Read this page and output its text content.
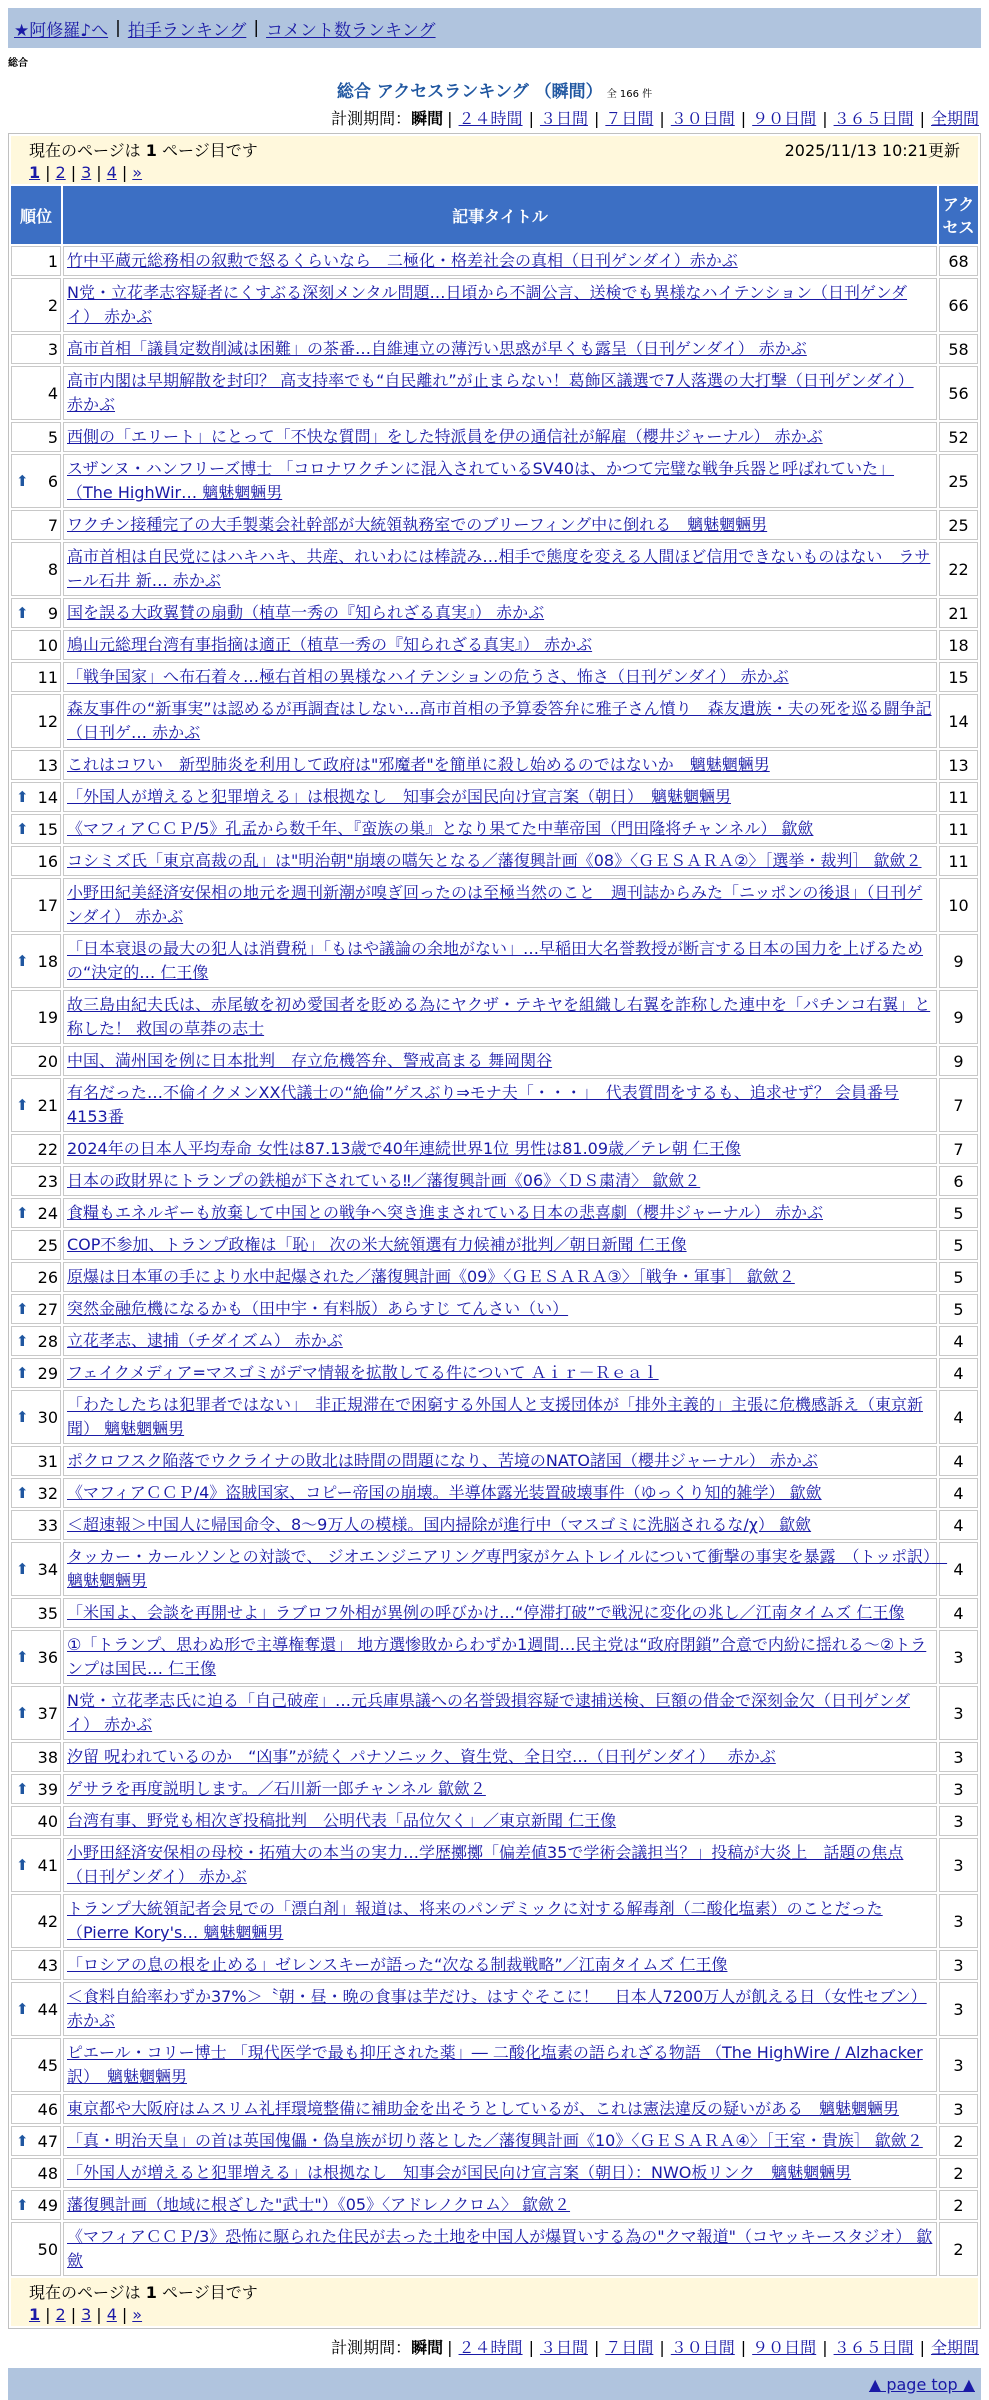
★阿修羅♪へ | 拍手ランキング | コメント数ランキング
総合
総合 アクセスランキング （瞬間） 全 166 件
計測期間：瞬間 | ２４時間 | ３日間 | ７日間 | ３０日間 | ９０日間 | ３６５日間 | 全期間
現在のページは 1 ページ目です 2025/11/13 10:21更新
1 | 2 | 3 | 4 | »		

順位	記事タイトル	アクセス
1	竹中平蔵元総務相の叙勲で怒るくらいなら　二極化・格差社会の真相（日刊ゲンダイ）赤かぶ	68
2	N党・立花孝志容疑者にくすぶる深刻メンタル問題…日頃から不調公言、送検でも異様なハイテンション（日刊ゲンダイ） 赤かぶ	66
3	高市首相「議員定数削減は困難」の茶番…自維連立の薄汚い思惑が早くも露呈（日刊ゲンダイ） 赤かぶ	58
4	高市内閣は早期解散を封印？ 高支持率でも“自民離れ”が止まらない！葛飾区議選で7人落選の大打撃（日刊ゲンダイ） 赤かぶ	56
5	西側の「エリート」にとって「不快な質問」をした特派員を伊の通信社が解雇（櫻井ジャーナル） 赤かぶ	52

⬆ 6	スザンヌ・ハンフリーズ博士 「コロナワクチンに混入されているSV40は、かつて完璧な戦争兵器と呼ばれていた」 （The HighWir… 魑魅魍魎男	25
7	ワクチン接種完了の大手製薬会社幹部が大統領執務室でのブリーフィング中に倒れる　魑魅魍魎男	25
8	高市首相は自民党にはハキハキ、共産、れいわには棒読み…相手で態度を変える人間ほど信用できないものはない　ラサール石井 新… 赤かぶ	22

⬆ 9	国を誤る大政翼賛の扇動（植草一秀の『知られざる真実』） 赤かぶ	21
10	鳩山元総理台湾有事指摘は適正（植草一秀の『知られざる真実』） 赤かぶ	18
11	「戦争国家」へ布石着々…極右首相の異様なハイテンションの危うさ、怖さ（日刊ゲンダイ） 赤かぶ	15
12	森友事件の“新事実”は認めるが再調査はしない…高市首相の予算委答弁に雅子さん憤り　森友遺族・夫の死を巡る闘争記（日刊ゲ… 赤かぶ	14
13	これはコワい　新型肺炎を利用して政府は"邪魔者"を簡単に殺し始めるのではないか　魑魅魍魎男	13

⬆ 14	「外国人が増えると犯罪増える」は根拠なし　知事会が国民向け宣言案（朝日）　魑魅魍魎男	11

⬆ 15	《マフィアＣＣＰ/5》孔孟から数千年、『蛮族の巣』となり果てた中華帝国（門田隆将チャンネル） 歙歛	11
16	コシミズ氏「東京高裁の乱」は"明治朝"崩壊の嚆矢となる／藩復興計画《08》〈ＧＥＳＡＲＡ②〉［選挙・裁判］ 歙歛２	11
17	小野田紀美経済安保相の地元を週刊新潮が嗅ぎ回ったのは至極当然のこと　週刊誌からみた「ニッポンの後退」（日刊ゲンダイ） 赤かぶ	10

⬆ 18	「日本衰退の最大の犯人は消費税」「もはや議論の余地がない」…早稲田大名誉教授が断言する日本の国力を上げるための“決定的… 仁王像	9
19	故三島由紀夫氏は、赤尾敏を初め愛国者を貶める為にヤクザ・テキヤを組織し右翼を詐称した連中を「パチンコ右翼」と称した！ 救国の草莽の志士	9
20	中国、満州国を例に日本批判　存立危機答弁、警戒高まる 舞岡関谷	9

⬆ 21	有名だった…不倫イクメンXX代議士の“絶倫”ゲスぶり⇒モナ夫「・・・」　代表質問をするも、追求せず？ 会員番号4153番	7
22	2024年の日本人平均寿命 女性は87.13歳で40年連続世界1位 男性は81.09歳／テレ朝 仁王像	7
23	日本の政財界にトランプの鉄槌が下されている‼／藩復興計画《06》〈ＤＳ粛清〉 歙歛２	6

⬆ 24	食糧もエネルギーも放棄して中国との戦争へ突き進まされている日本の悲喜劇（櫻井ジャーナル） 赤かぶ	5
25	COP不参加、トランプ政権は「恥」 次の米大統領選有力候補が批判／朝日新聞 仁王像	5
26	原爆は日本軍の手により水中起爆された／藩復興計画《09》〈ＧＥＳＡＲＡ③〉［戦争・軍事］ 歙歛２	5

⬆ 27	突然金融危機になるかも（田中宇・有料版）あらすじ てんさい（い）	5

⬆ 28	立花孝志、逮捕（チダイズム） 赤かぶ	4

⬆ 29	フェイクメディア=マスゴミがデマ情報を拡散してる件について Ａｉｒ－Ｒｅａｌ	4

⬆ 30	「わたしたちは犯罪者ではない」　非正規滞在で困窮する外国人と支援団体が「排外主義的」主張に危機感訴え（東京新聞） 魑魅魍魎男	4
31	ポクロフスク陥落でウクライナの敗北は時間の問題になり、苦境のNATO諸国（櫻井ジャーナル） 赤かぶ	4

⬆ 32	《マフィアＣＣＰ/4》盗賊国家、コピー帝国の崩壊。半導体露光装置破壊事件（ゆっくり知的雑学） 歙歛	4
33	＜超速報＞中国人に帰国命令、8～9万人の模様。国内掃除が進行中（マスゴミに洗脳されるな/χ） 歙歛	4

⬆ 34	タッカー・カールソンとの対談で、 ジオエンジニアリング専門家がケムトレイルについて衝撃の事実を暴露　（トッポ訳）　魑魅魍魎男	4
35	「米国よ、会談を再開せよ」ラブロフ外相が異例の呼びかけ…“停滞打破”で戦況に変化の兆し／江南タイムズ 仁王像	4

⬆ 36	①「トランプ、思わぬ形で主導権奪還」 地方選惨敗からわずか1週間…民主党は“政府閉鎖”合意で内紛に揺れる～②トランプは国民… 仁王像	3

⬆ 37	N党・立花孝志氏に迫る「自己破産」…元兵庫県議への名誉毀損容疑で逮捕送検、巨額の借金で深刻金欠（日刊ゲンダイ） 赤かぶ	3
38	汐留 呪われているのか　“凶事”が続く パナソニック、資生党、全日空…（日刊ゲンダイ）　 赤かぶ	3

⬆ 39	ゲサラを再度説明します。／石川新一郎チャンネル 歙歛２	3
40	台湾有事、野党も相次ぎ投稿批判　公明代表「品位欠く」／東京新聞 仁王像	3

⬆ 41	小野田経済安保相の母校・拓殖大の本当の実力…学歴擲擲「偏差値35で学術会議担当？」投稿が大炎上　話題の焦点（日刊ゲンダイ） 赤かぶ	3
42	トランプ大統領記者会見での「漂白剤」報道は、将来のパンデミックに対する解毒剤（二酸化塩素）のことだった（Pierre Kory's… 魑魅魍魎男	3
43	「ロシアの息の根を止める」ゼレンスキーが語った“次なる制裁戦略”／江南タイムズ 仁王像	3

⬆ 44	＜食料自給率わずか37%＞〝朝・昼・晩の食事は芋だけ〟はすぐそこに！　日本人7200万人が飢える日（女性セブン） 赤かぶ	3
45	ピエール・コリー博士 「現代医学で最も抑圧された薬」― 二酸化塩素の語られざる物語 （The HighWire / Alzhacker訳）　魑魅魍魎男	3
46	東京都や大阪府はムスリム礼拝環境整備に補助金を出そうとしているが、これは憲法違反の疑いがある　魑魅魍魎男	3

⬆ 47	「真・明治天皇」の首は英国傀儡・偽皇族が切り落とした／藩復興計画《10》〈ＧＥＳＡＲＡ④〉［王室・貴族］ 歙歛２	2
48	「外国人が増えると犯罪増える」は根拠なし　知事会が国民向け宣言案（朝日）：NWO板リンク　魑魅魍魎男	2

⬆ 49	藩復興計画（地域に根ざした"武士"）《05》〈アドレノクロム〉 歙歛２	2
50	《マフィアＣＣＰ/3》恐怖に駆られた住民が去った土地を中国人が爆買いする為の"クマ報道"（コヤッキースタジオ） 歙歛	2

現在のページは 1 ページ目です
1 | 2 | 3 | 4 | »		
計測期間：瞬間 | ２４時間 | ３日間 | ７日間 | ３０日間 | ９０日間 | ３６５日間 | 全期間
▲ page top ▲
